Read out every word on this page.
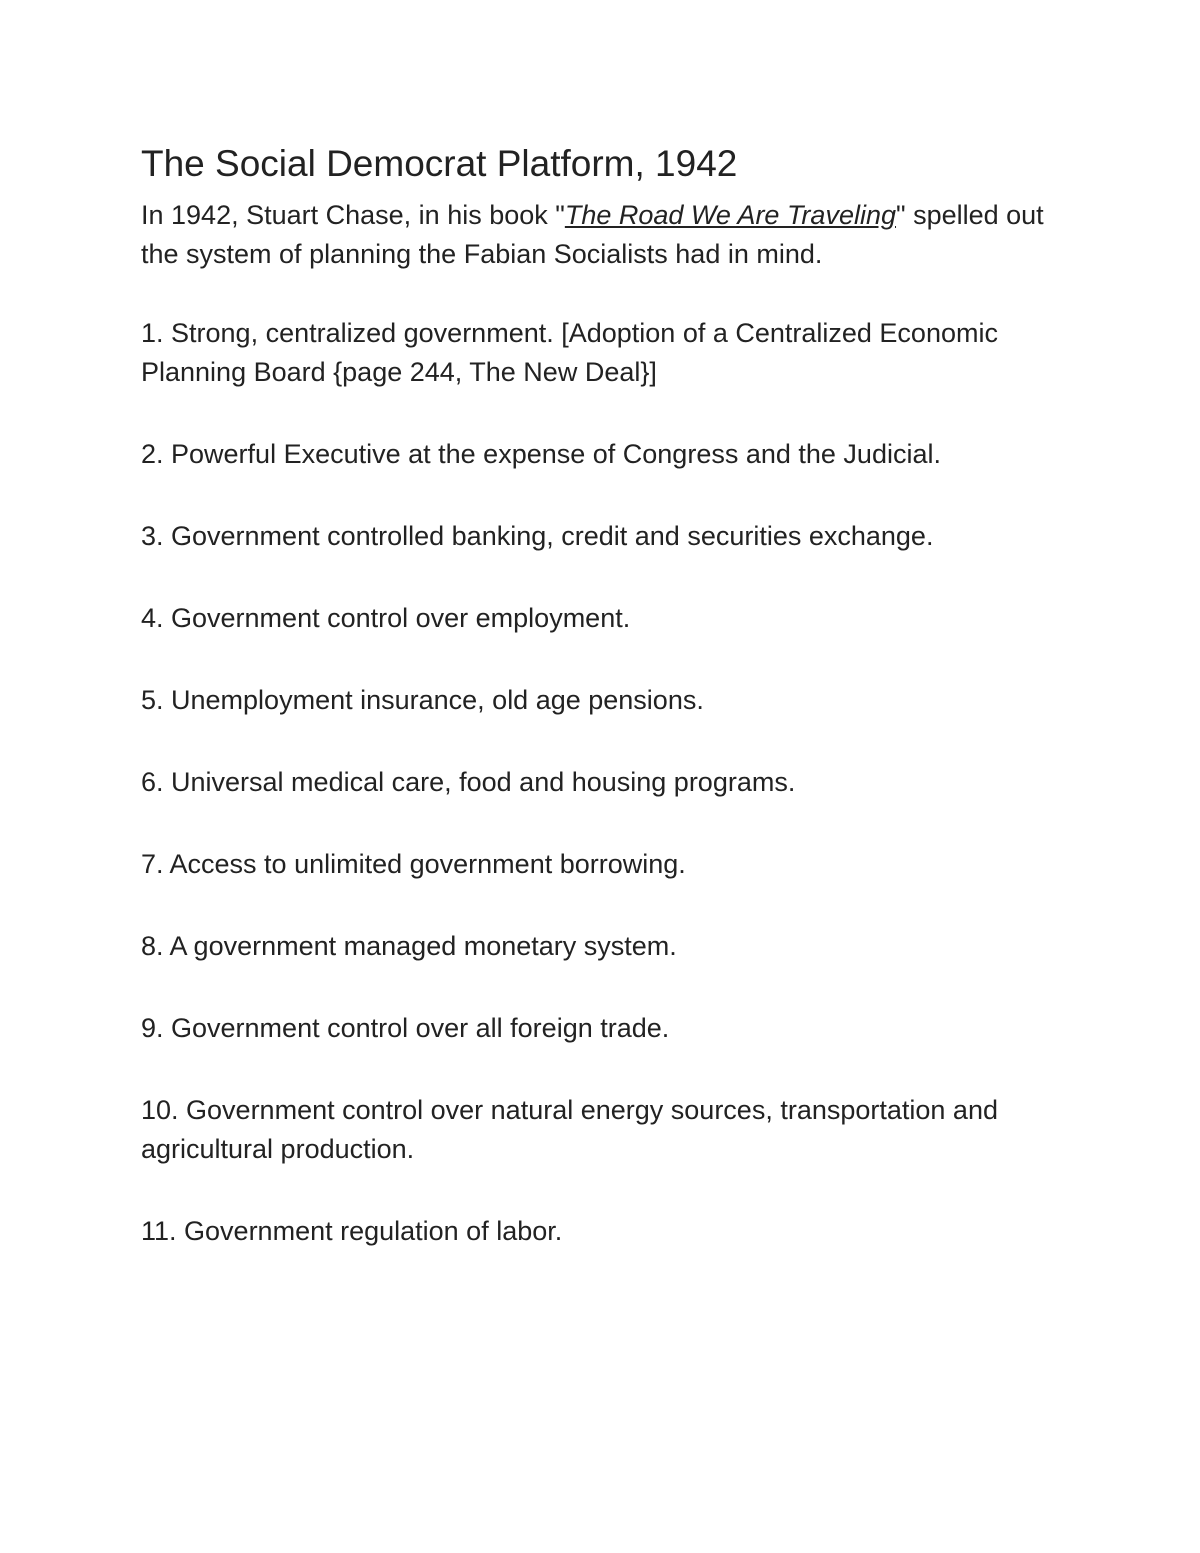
The Social Democrat Platform, 1942

In 1942, Stuart Chase, in his book "The Road We Are Traveling" spelled out the system of planning the Fabian Socialists had in mind.

1. Strong, centralized government. [Adoption of a Centralized Economic Planning Board {page 244, The New Deal}]

2. Powerful Executive at the expense of Congress and the Judicial.

3. Government controlled banking, credit and securities exchange.

4. Government control over employment.

5. Unemployment insurance, old age pensions.

6. Universal medical care, food and housing programs.

7. Access to unlimited government borrowing.

8. A government managed monetary system.

9. Government control over all foreign trade.

10. Government control over natural energy sources, transportation and agricultural production.

11. Government regulation of labor.
